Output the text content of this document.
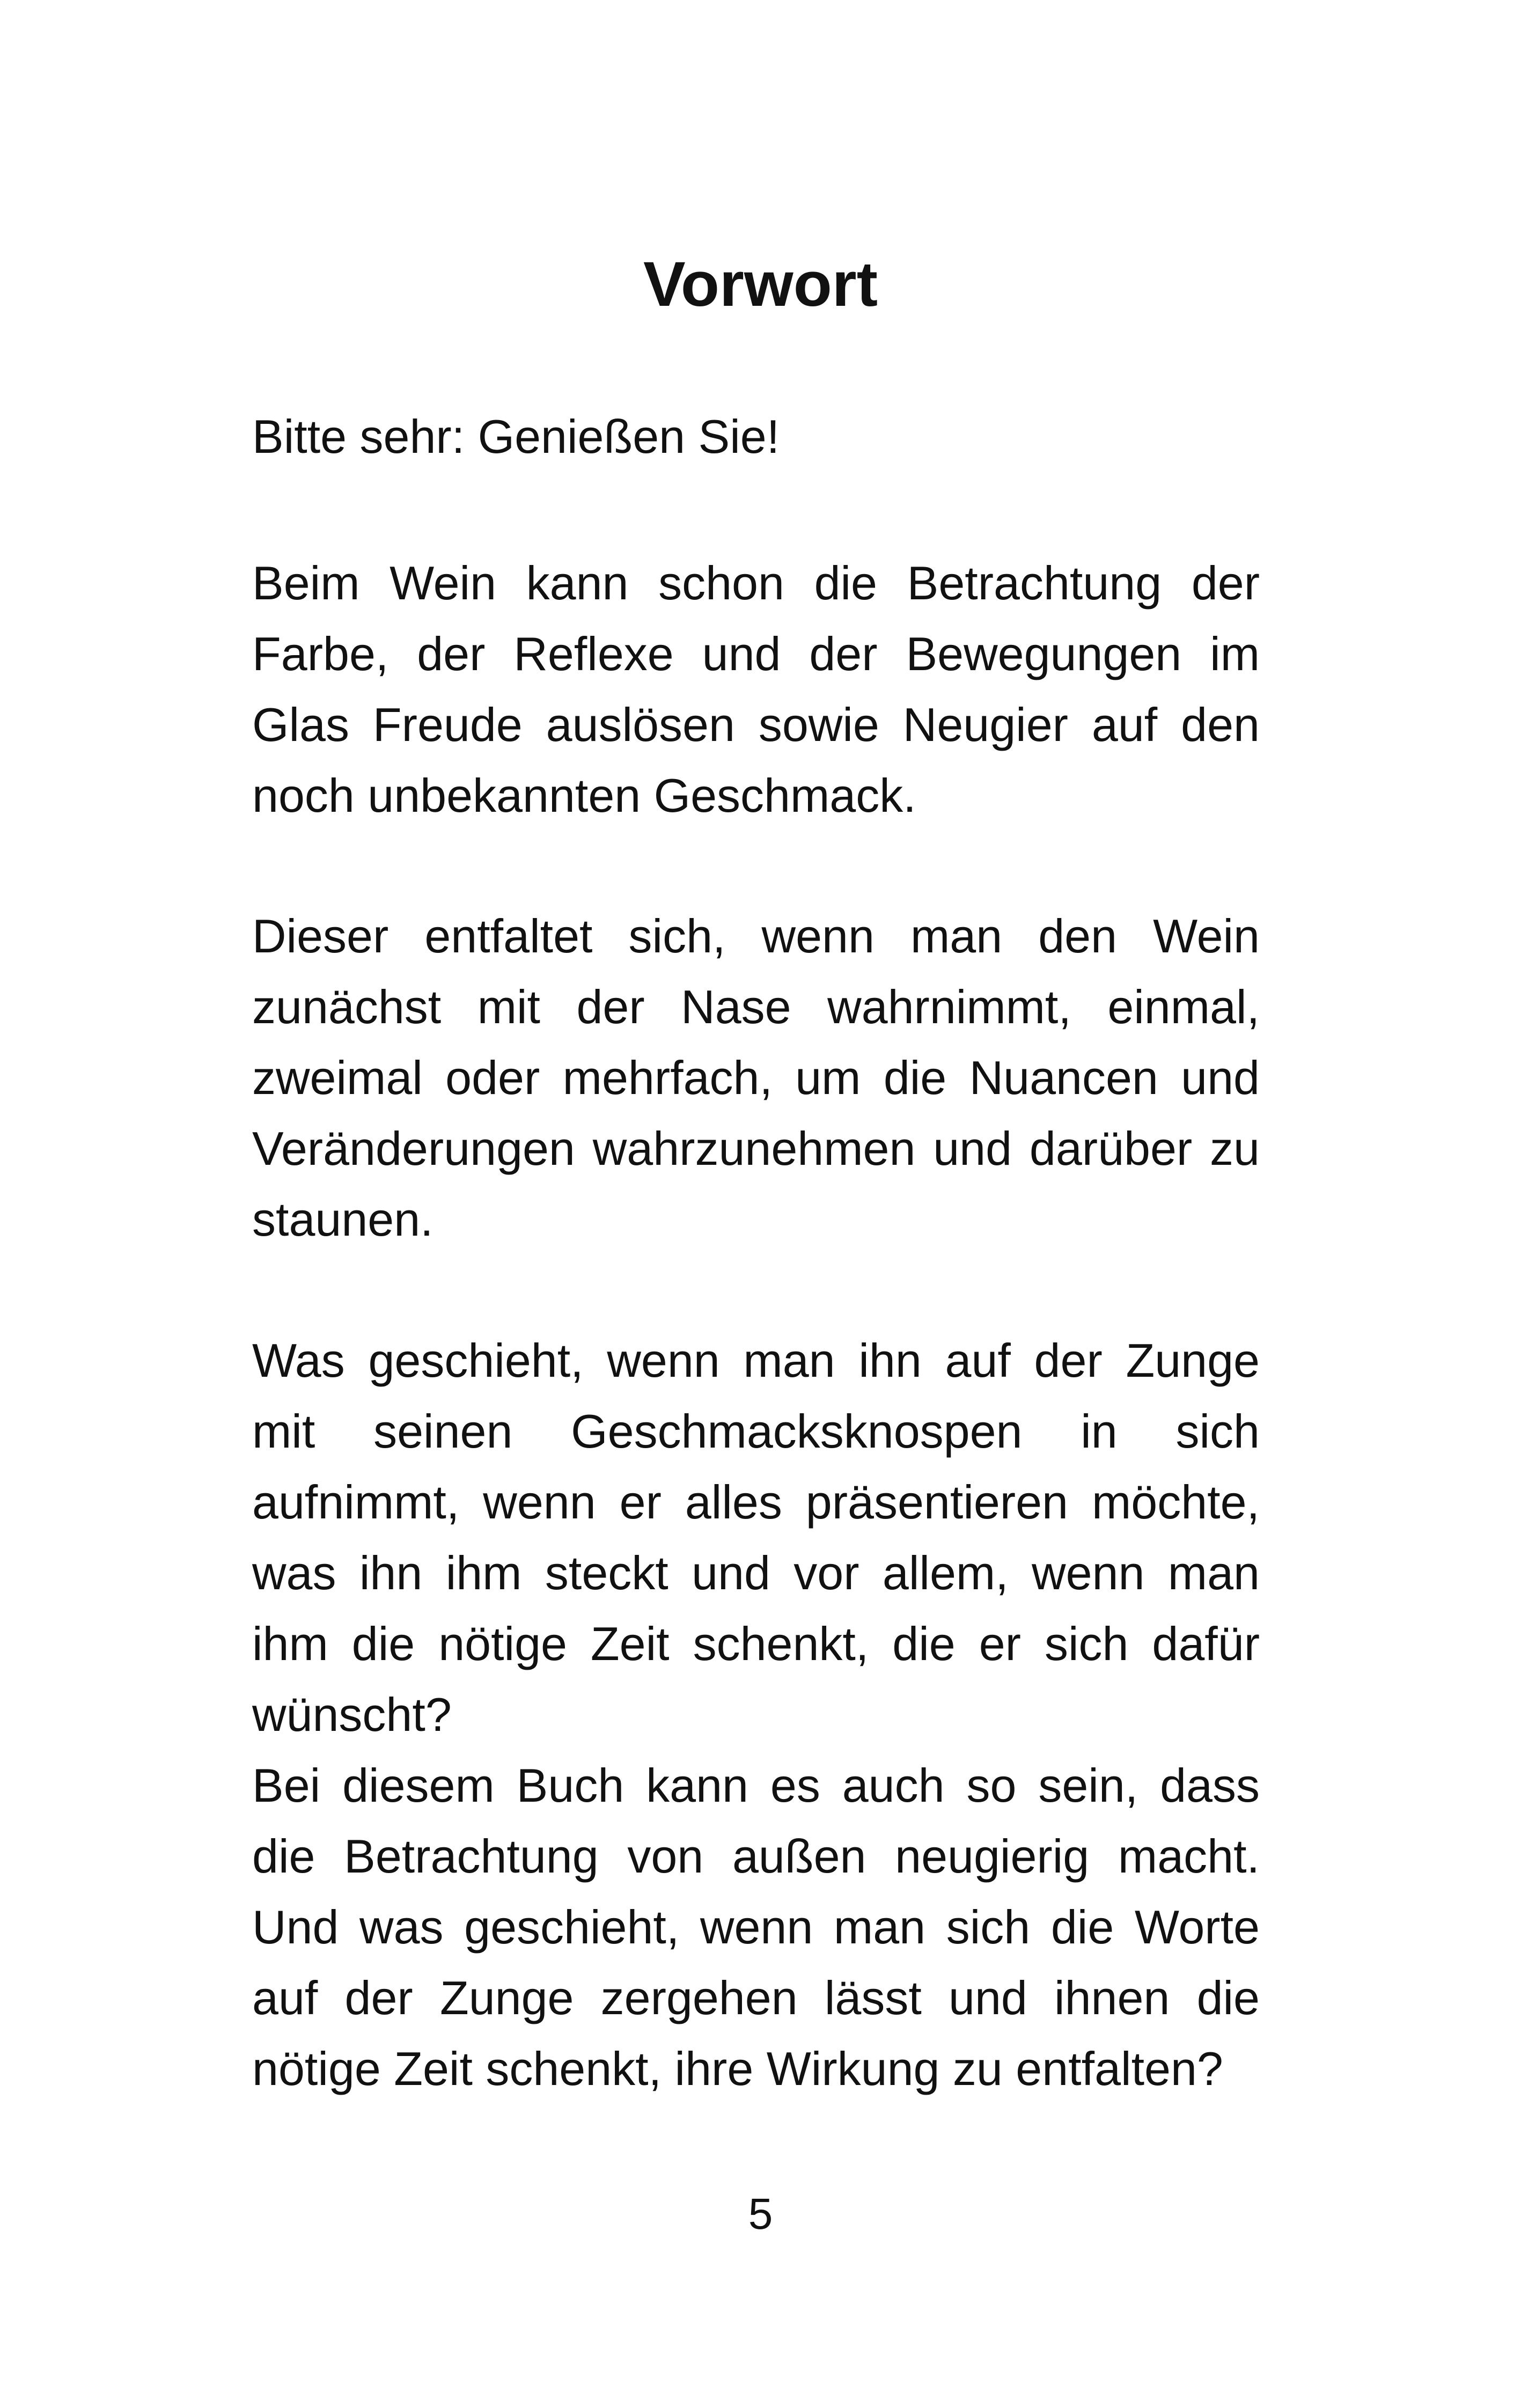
Vorwort

Bitte sehr: Genießen Sie!

Beim Wein kann schon die Betrachtung der Farbe, der Reflexe und der Bewegungen im Glas Freude auslösen sowie Neugier auf den noch unbekannten Geschmack.

Dieser entfaltet sich, wenn man den Wein zunächst mit der Nase wahrnimmt, einmal, zweimal oder mehrfach, um die Nuancen und Veränderungen wahrzunehmen und darüber zu staunen.

Was geschieht, wenn man ihn auf der Zunge mit seinen Geschmacksknospen in sich aufnimmt, wenn er alles präsentieren möchte, was ihn ihm steckt und vor allem, wenn man ihm die nötige Zeit schenkt, die er sich dafür wünscht?

Bei diesem Buch kann es auch so sein, dass die Betrachtung von außen neugierig macht. Und was geschieht, wenn man sich die Worte auf der Zunge zergehen lässt und ihnen die nötige Zeit schenkt, ihre Wirkung zu entfalten?

5
